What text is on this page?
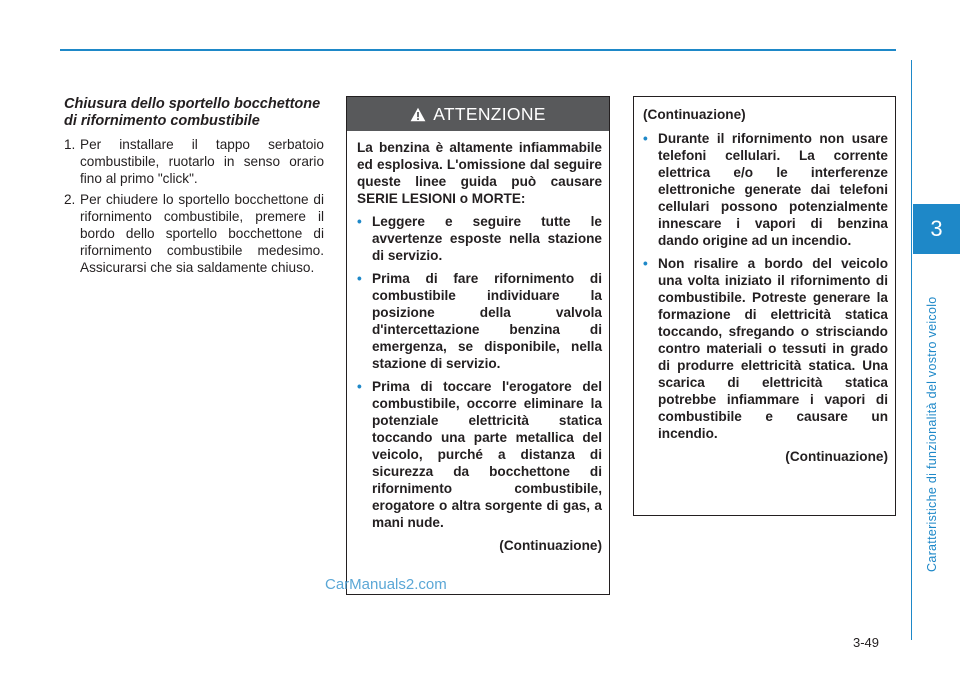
3
Caratteristiche di funzionalità del vostro veicolo
3-49
Chiusura dello sportello bocchettone di rifornimento combustibile
1. Per installare il tappo serbatoio combustibile, ruotarlo in senso orario fino al primo "click".
2. Per chiudere lo sportello bocchettone di rifornimento combustibile, premere il bordo dello sportello bocchettone di rifornimento combustibile medesimo. Assicurarsi che sia saldamente chiuso.
ATTENZIONE

La benzina è altamente infiammabile ed esplosiva. L'omissione dal seguire queste linee guida può causare SERIE LESIONI o MORTE:

• Leggere e seguire tutte le avvertenze esposte nella stazione di servizio.
• Prima di fare rifornimento di combustibile individuare la posizione della valvola d'intercettazione benzina di emergenza, se disponibile, nella stazione di servizio.
• Prima di toccare l'erogatore del combustibile, occorre eliminare la potenziale elettricità statica toccando una parte metallica del veicolo, purché a distanza di sicurezza da bocchettone di rifornimento combustibile, erogatore o altra sorgente di gas, a mani nude.

(Continuazione)

(Continuazione)

• Durante il rifornimento non usare telefoni cellulari. La corrente elettrica e/o le interferenze elettroniche generate dai telefoni cellulari possono potenzialmente innescare i vapori di benzina dando origine ad un incendio.
• Non risalire a bordo del veicolo una volta iniziato il rifornimento di combustibile. Potreste generare la formazione di elettricità statica toccando, sfregando o strisciando contro materiali o tessuti in grado di produrre elettricità statica. Una scarica di elettricità statica potrebbe infiammare i vapori di combustibile e causare un incendio.

(Continuazione)

CarManuals2.com
